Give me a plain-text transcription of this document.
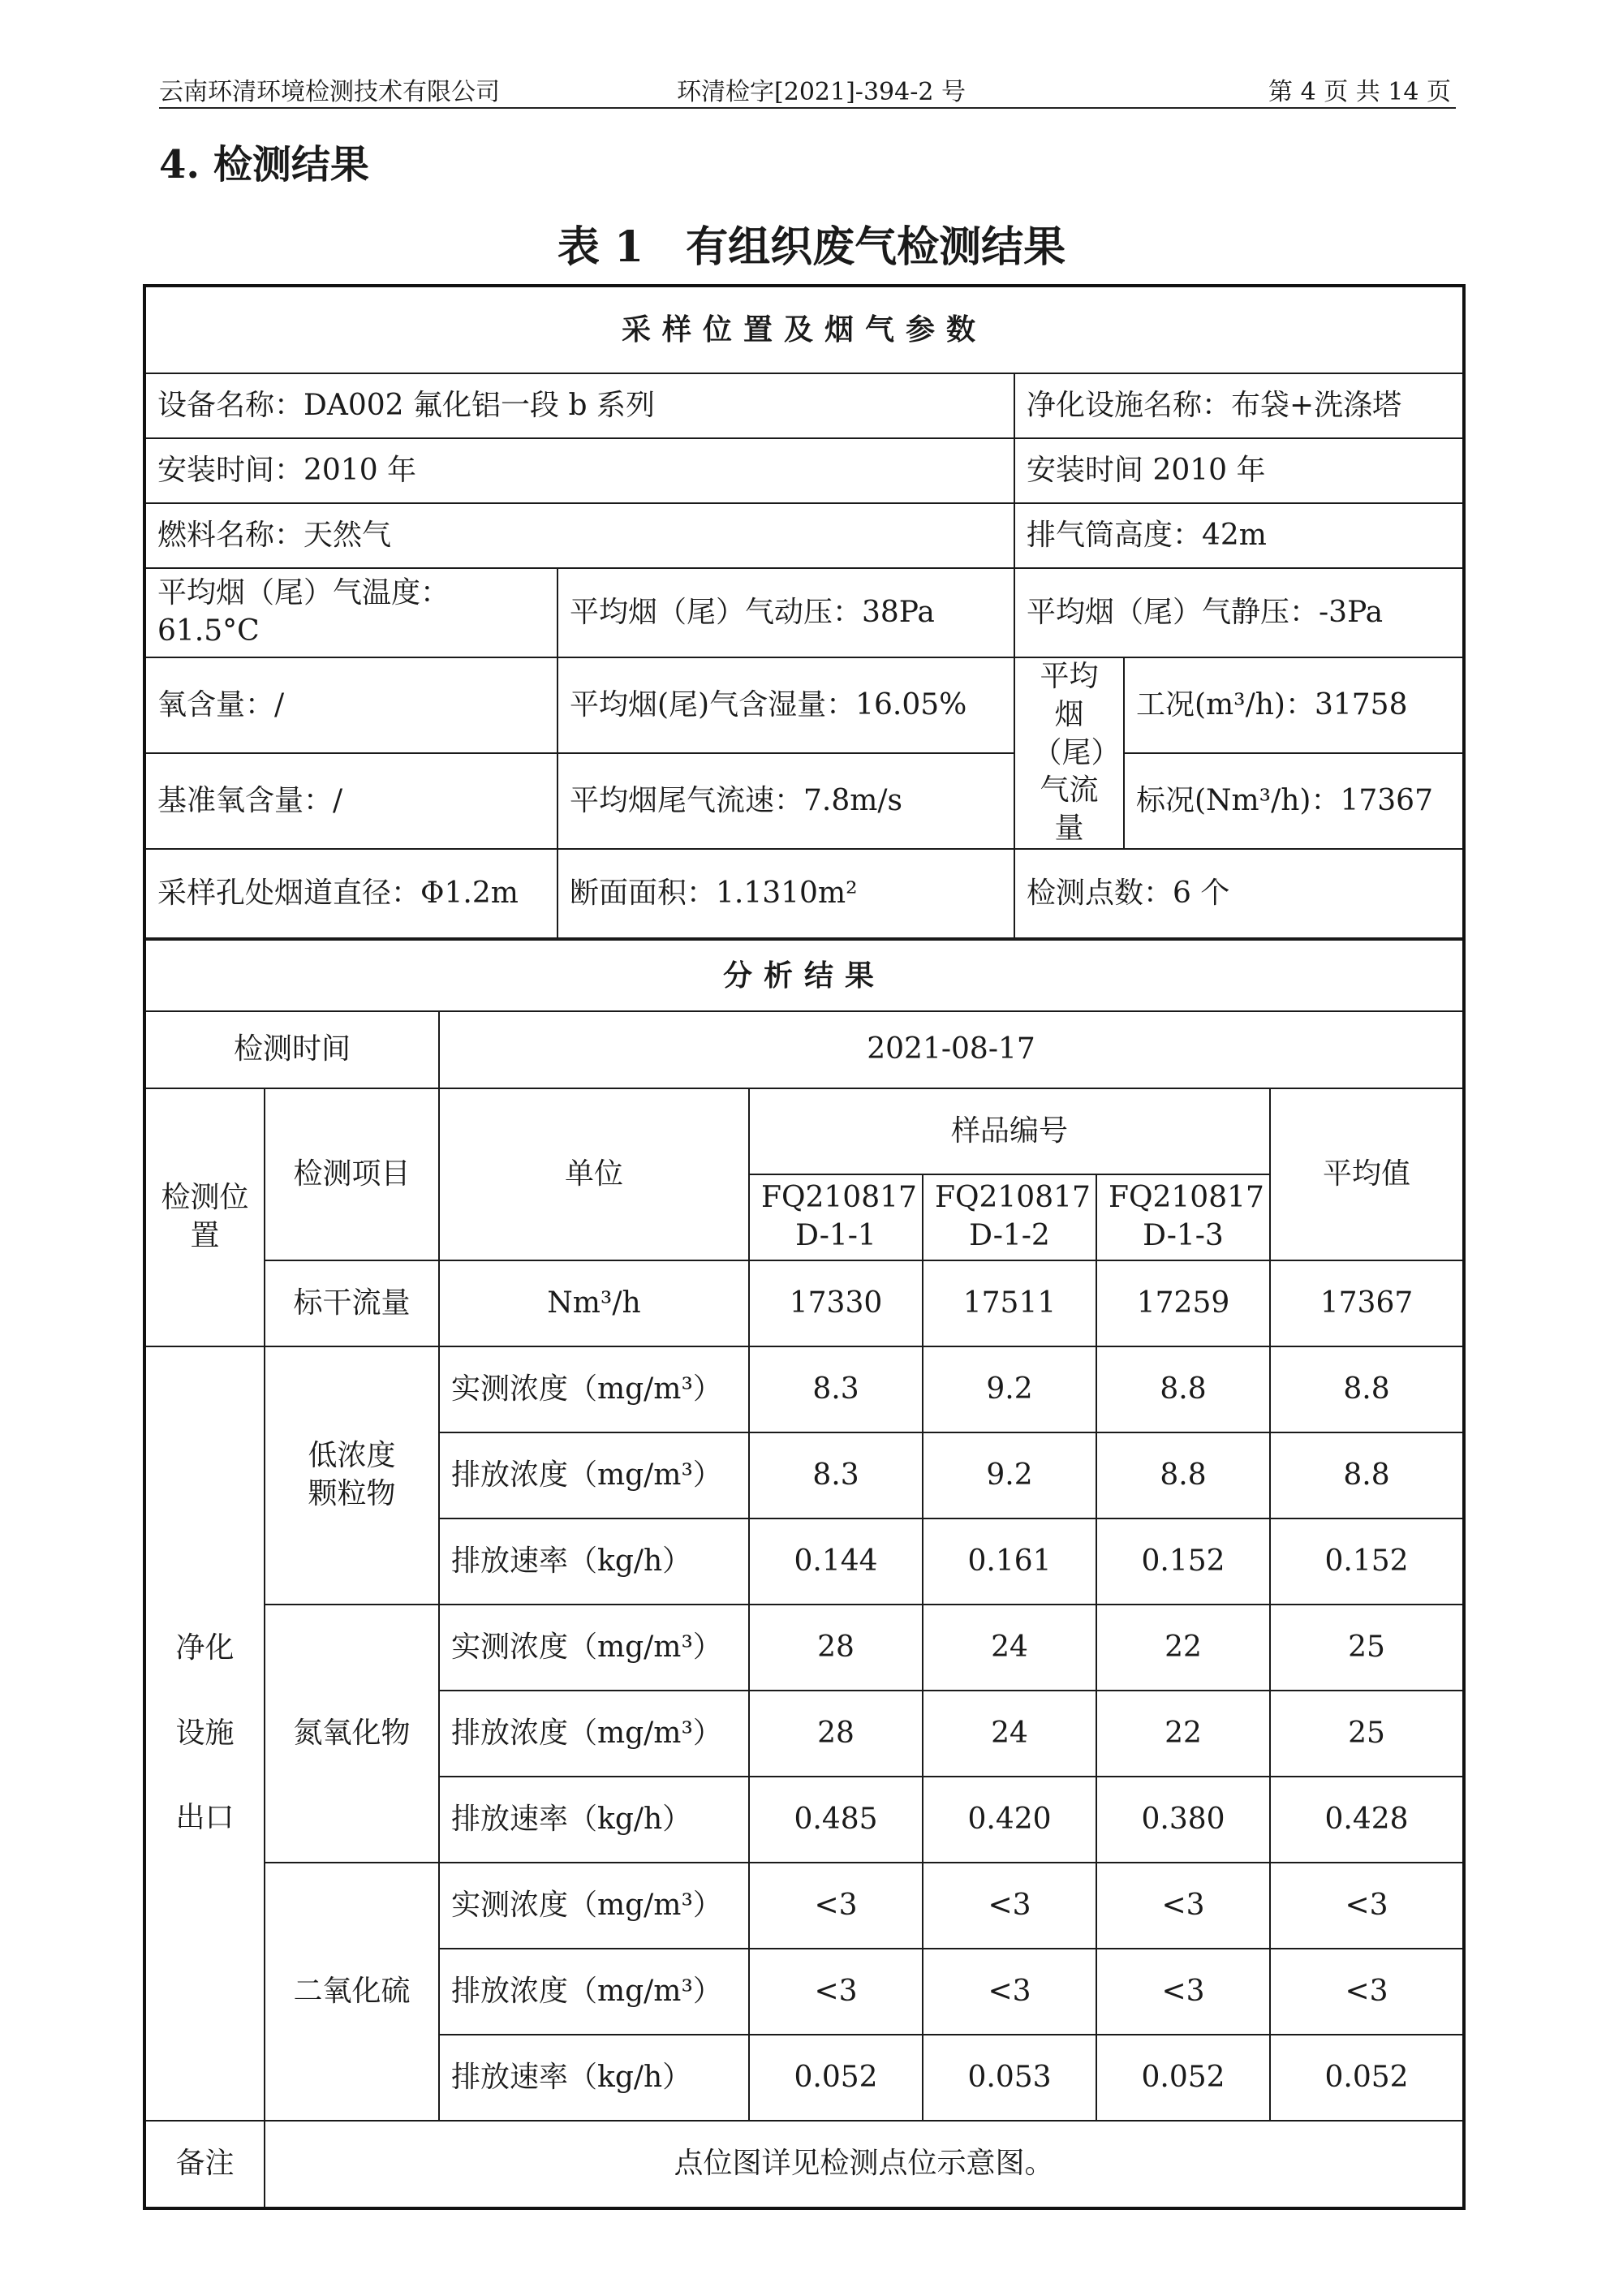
云南环清环境检测技术有限公司	环清检字[2021]-394-2 号	第 4 页 共 14 页
4. 检测结果
表 1　有组织废气检测结果
采样位置及烟气参数			
设备名称：DA002 氟化铝一段 b 系列		净化设施名称：布袋+洗涤塔	
安装时间：2010 年		安装时间 2010 年	
燃料名称：天然气		排气筒高度：42m	
平均烟（尾）气温度：61.5°C	平均烟（尾）气动压：38Pa	平均烟（尾）气静压：-3Pa	
氧含量：/	平均烟(尾)气含湿量：16.05%	平均烟（尾）气流量	工况(m³/h)：31758
基准氧含量：/	平均烟尾气流速：7.8m/s		标况(Nm³/h)：17367
采样孔处烟道直径：Φ1.2m	断面面积：1.1310m²	检测点数：6 个	
分析结果						
检测时间		2021-08-17				
检测位置	检测项目	单位	样品编号			平均值
			FQ210817 D-1-1	FQ210817 D-1-2	FQ210817 D-1-3	
	标干流量	Nm³/h	17330	17511	17259	17367
净化设施出口	低浓度颗粒物	实测浓度（mg/m³）	8.3	9.2	8.8	8.8
		排放浓度（mg/m³）	8.3	9.2	8.8	8.8
		排放速率（kg/h）	0.144	0.161	0.152	0.152
	氮氧化物	实测浓度（mg/m³）	28	24	22	25
		排放浓度（mg/m³）	28	24	22	25
		排放速率（kg/h）	0.485	0.420	0.380	0.428
	二氧化硫	实测浓度（mg/m³）	<3	<3	<3	<3
		排放浓度（mg/m³）	<3	<3	<3	<3
		排放速率（kg/h）	0.052	0.053	0.052	0.052
备注	点位图详见检测点位示意图。					
